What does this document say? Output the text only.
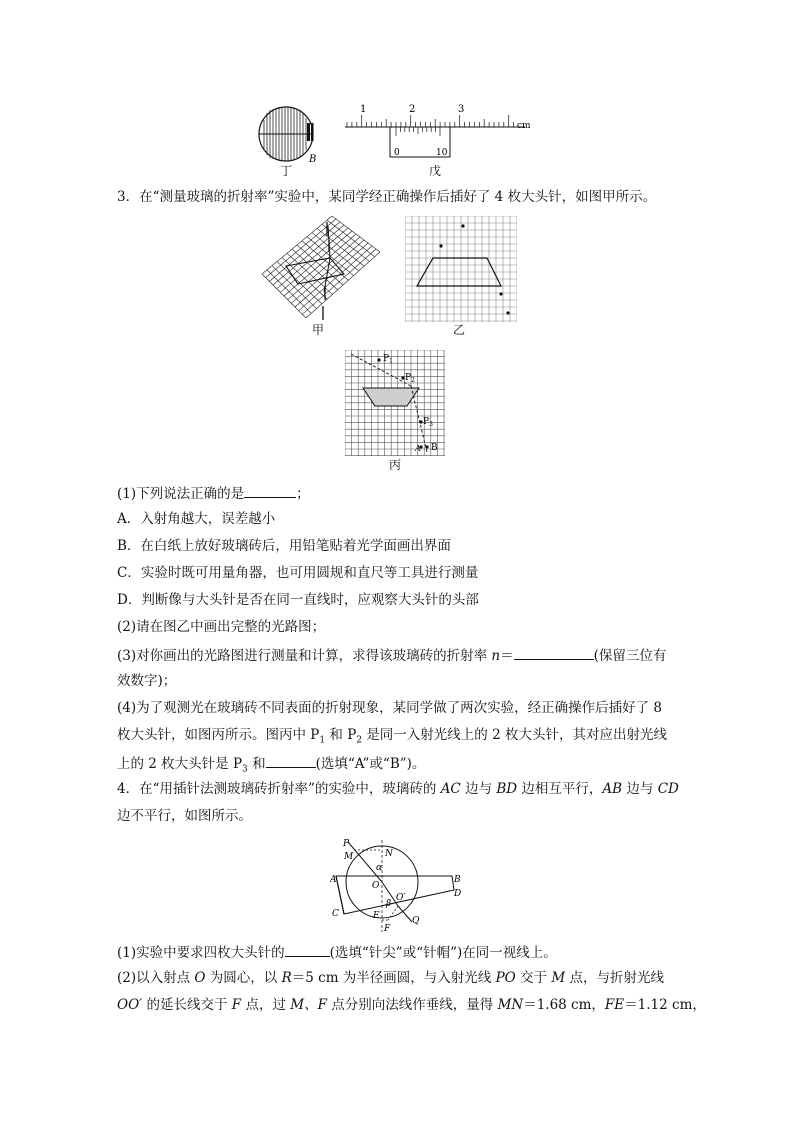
B
1	2	3
cm
0	10
丁	戊
3．在“测量玻璃的折射率”实验中，某同学经正确操作后插好了 4 枚大头针，如图甲所示。
甲	乙
$P_1$
$P_2$
$P_3$
A B
丙
(1)下列说法正确的是	；
A．入射角越大，误差越小
B．在白纸上放好玻璃砖后，用铅笔贴着光学面画出界面
C．实验时既可用量角器，也可用圆规和直尺等工具进行测量
D．判断像与大头针是否在同一直线时，应观察大头针的头部
(2)请在图乙中画出完整的光路图；
(3)对你画出的光路图进行测量和计算，求得该玻璃砖的折射率 n＝	(保留三位有
效数字)；
(4)为了观测光在玻璃砖不同表面的折射现象，某同学做了两次实验，经正确操作后插好了 8
枚大头针，如图丙所示。图丙中 $P_1$ 和 $P_2$ 是同一入射光线上的 2 枚大头针，其对应出射光线
上的 2 枚大头针是 $P_3$ 和	(选填“A”或“B”)。
4．在“用插针法测玻璃砖折射率”的实验中，玻璃砖的 AC 边与 BD 边相互平行，AB 边与 CD
边不平行，如图所示。
P
M	N
α
A
O
B
O′	D
β
C	E
F
Q
(1)实验中要求四枚大头针的	(选填“针尖”或“针帽”)在同一视线上。
(2)以入射点 O 为圆心，以 R＝5 cm 为半径画圆，与入射光线 PO 交于 M 点，与折射光线
OO′ 的延长线交于 F 点，过 M、F 点分别向法线作垂线，量得 MN＝1.68 cm，FE＝1.12 cm，
